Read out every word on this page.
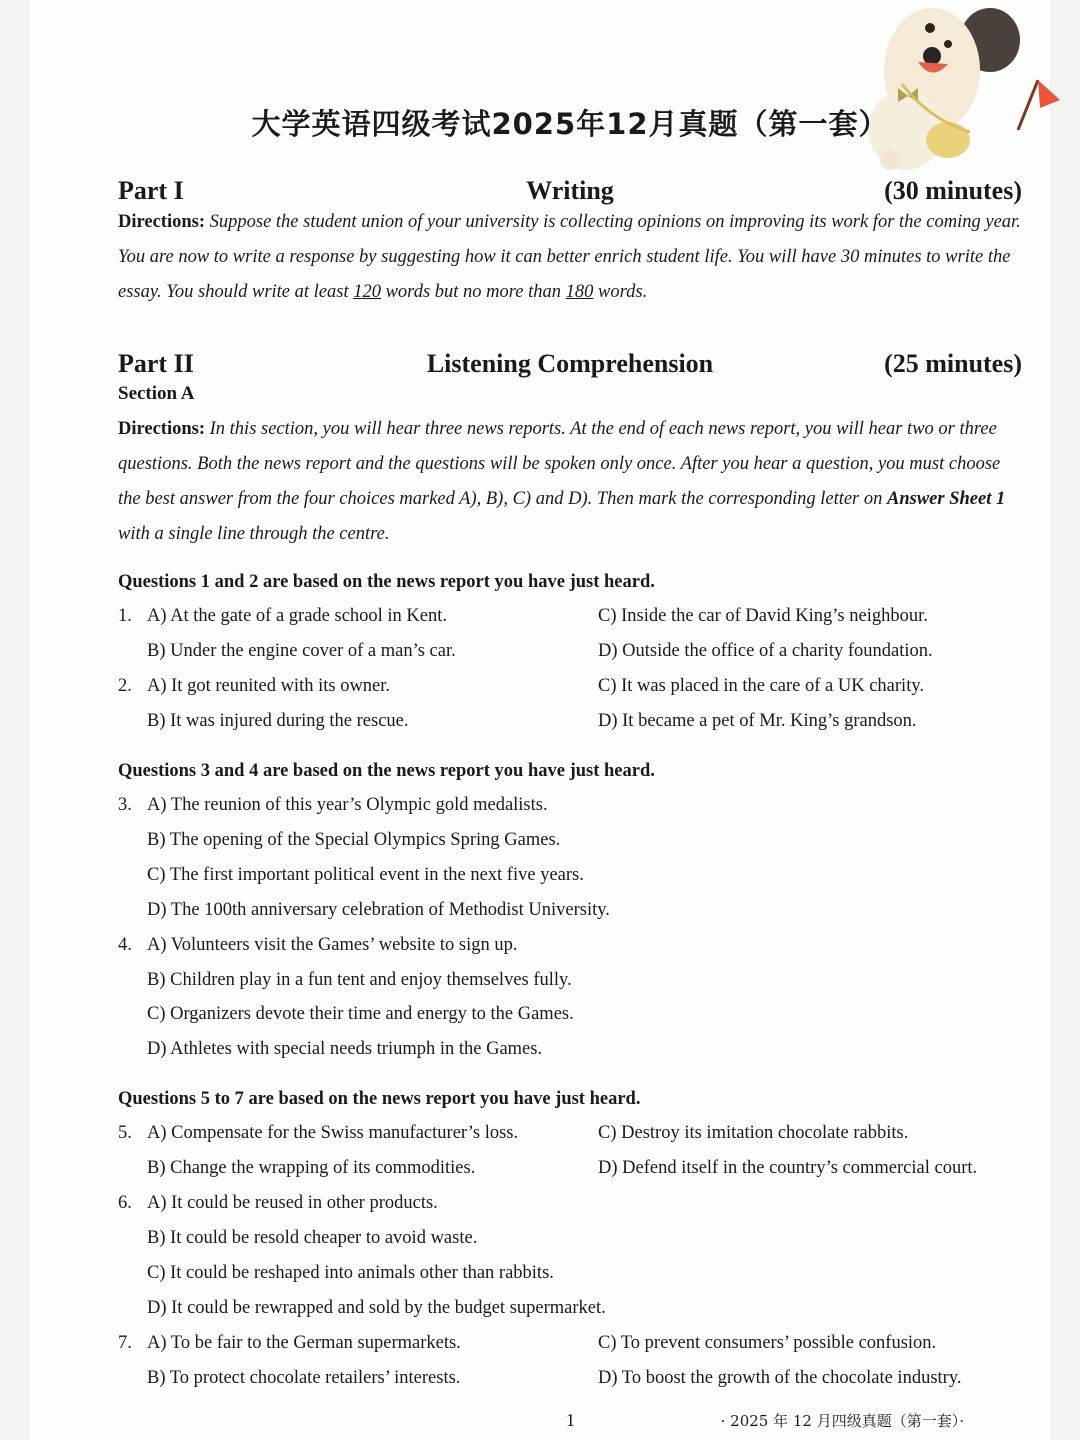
大学英语四级考试2025年12月真题（第一套）
Part I	Writing	(30 minutes)
Directions: Suppose the student union of your university is collecting opinions on improving its work for the coming year. You are now to write a response by suggesting how it can better enrich student life. You will have 30 minutes to write the essay. You should write at least 120 words but no more than 180 words.
Part II	Listening Comprehension	(25 minutes)
Section A
Directions: In this section, you will hear three news reports. At the end of each news report, you will hear two or three questions. Both the news report and the questions will be spoken only once. After you hear a question, you must choose the best answer from the four choices marked A), B), C) and D). Then mark the corresponding letter on Answer Sheet 1 with a single line through the centre.
Questions 1 and 2 are based on the news report you have just heard.
1. A) At the gate of a grade school in Kent.	C) Inside the car of David King’s neighbour.
B) Under the engine cover of a man’s car.	D) Outside the office of a charity foundation.
2. A) It got reunited with its owner.	C) It was placed in the care of a UK charity.
B) It was injured during the rescue.	D) It became a pet of Mr. King’s grandson.
Questions 3 and 4 are based on the news report you have just heard.
3. A) The reunion of this year’s Olympic gold medalists.
B) The opening of the Special Olympics Spring Games.
C) The first important political event in the next five years.
D) The 100th anniversary celebration of Methodist University.
4. A) Volunteers visit the Games’ website to sign up.
B) Children play in a fun tent and enjoy themselves fully.
C) Organizers devote their time and energy to the Games.
D) Athletes with special needs triumph in the Games.
Questions 5 to 7 are based on the news report you have just heard.
5. A) Compensate for the Swiss manufacturer’s loss.	C) Destroy its imitation chocolate rabbits.
B) Change the wrapping of its commodities.	D) Defend itself in the country’s commercial court.
6. A) It could be reused in other products.
B) It could be resold cheaper to avoid waste.
C) It could be reshaped into animals other than rabbits.
D) It could be rewrapped and sold by the budget supermarket.
7. A) To be fair to the German supermarkets.	C) To prevent consumers’ possible confusion.
B) To protect chocolate retailers’ interests.	D) To boost the growth of the chocolate industry.
1	· 2025 年 12 月四级真题（第一套）·
